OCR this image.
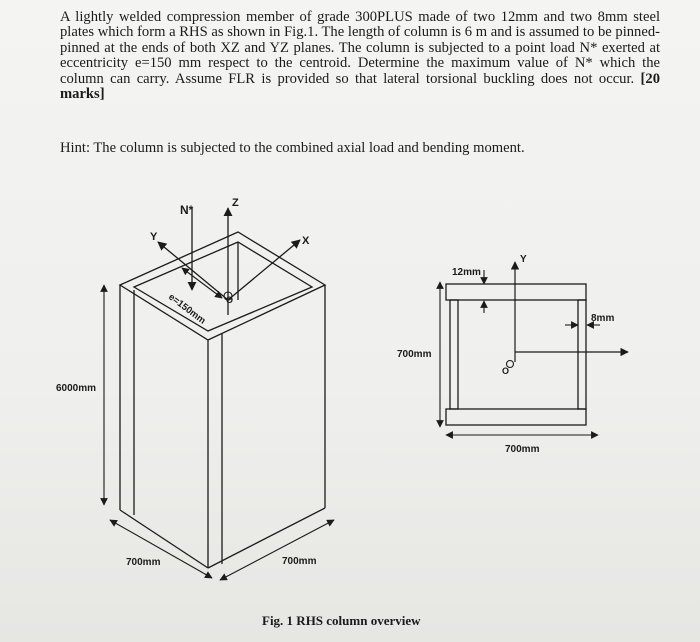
A lightly welded compression member of grade 300PLUS made of two 12mm and two 8mm steel plates which form a RHS as shown in Fig.1. The length of column is 6 m and is assumed to be pinned-pinned at the ends of both XZ and YZ planes. The column is subjected to a point load N* exerted at eccentricity e=150 mm respect to the centroid. Determine the maximum value of N* which the column can carry. Assume FLR is provided so that lateral torsional buckling does not occur. [20 marks]
Hint: The column is subjected to the combined axial load and bending moment.
N*	Z
Y	X
e=150mm O
6000mm
700mm	700mm
12mm
8mm
Y
O
700mm
700mm
Fig. 1 RHS column overview
